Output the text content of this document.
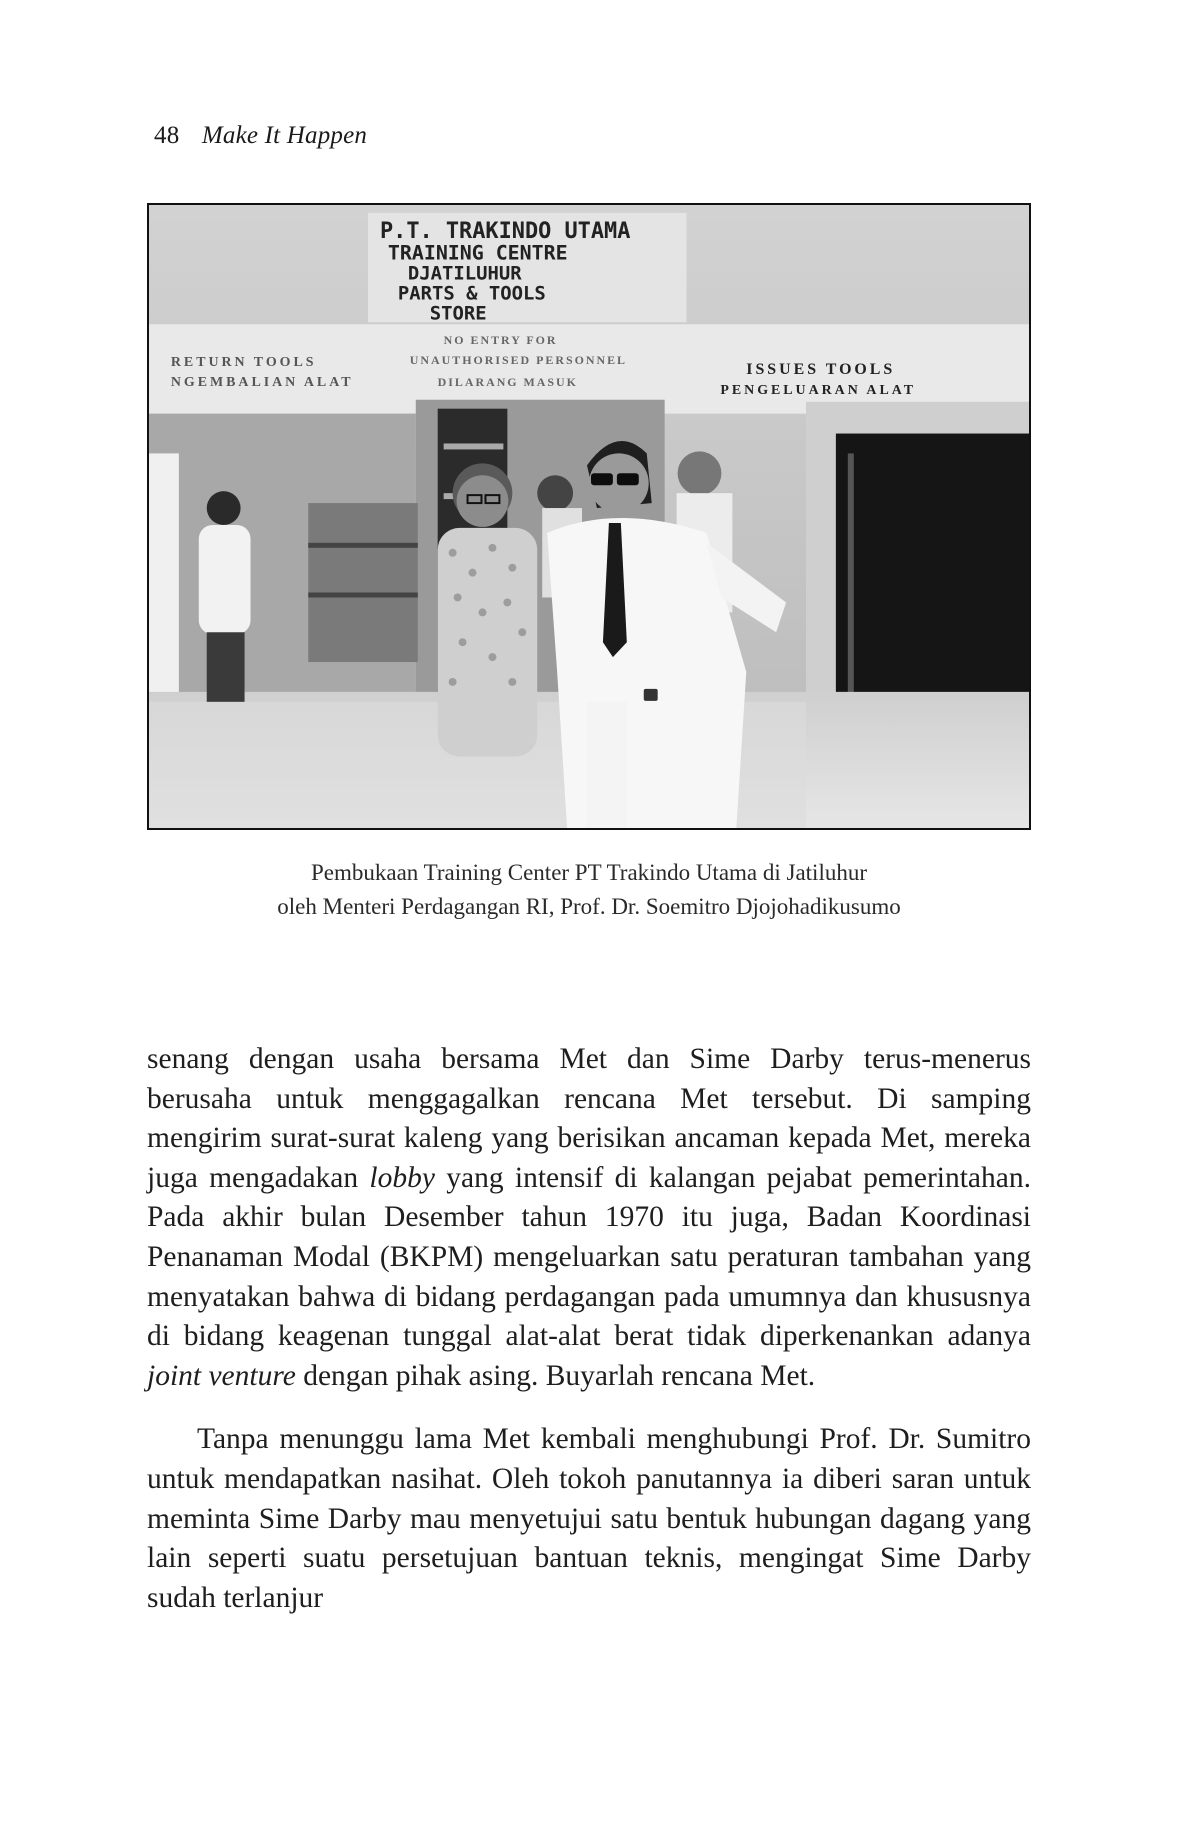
48 Make It Happen
P.T. TRAKINDO UTAMA
TRAINING CENTRE
DJATILUHUR
PARTS & TOOLS
STORE
RETURN TOOLS
NGEMBALIAN ALAT
NO ENTRY FOR
UNAUTHORISED PERSONNEL
DILARANG MASUK
ISSUES TOOLS
PENGELUARAN ALAT

Pembukaan Training Center PT Trakindo Utama di Jatiluhur

oleh Menteri Perdagangan RI, Prof. Dr. Soemitro Djojohadikusumo

senang dengan usaha bersama Met dan Sime Darby terus-menerus berusaha untuk menggagalkan rencana Met tersebut. Di samping mengirim surat-surat kaleng yang berisikan ancaman kepada Met, mereka juga mengadakan lobby yang intensif di kalangan pejabat pemerintahan. Pada akhir bulan Desember tahun 1970 itu juga, Badan Koordinasi Penanaman Modal (BKPM) mengeluarkan satu peraturan tambahan yang menyatakan bahwa di bidang perdagangan pada umumnya dan khususnya di bidang keagenan tunggal alat-alat berat tidak diperkenankan adanya joint venture dengan pihak asing. Buyarlah rencana Met.

Tanpa menunggu lama Met kembali menghubungi Prof. Dr. Sumitro untuk mendapatkan nasihat. Oleh tokoh panutannya ia diberi saran untuk meminta Sime Darby mau menyetujui satu bentuk hubungan dagang yang lain seperti suatu persetujuan bantuan teknis, mengingat Sime Darby sudah terlanjur
